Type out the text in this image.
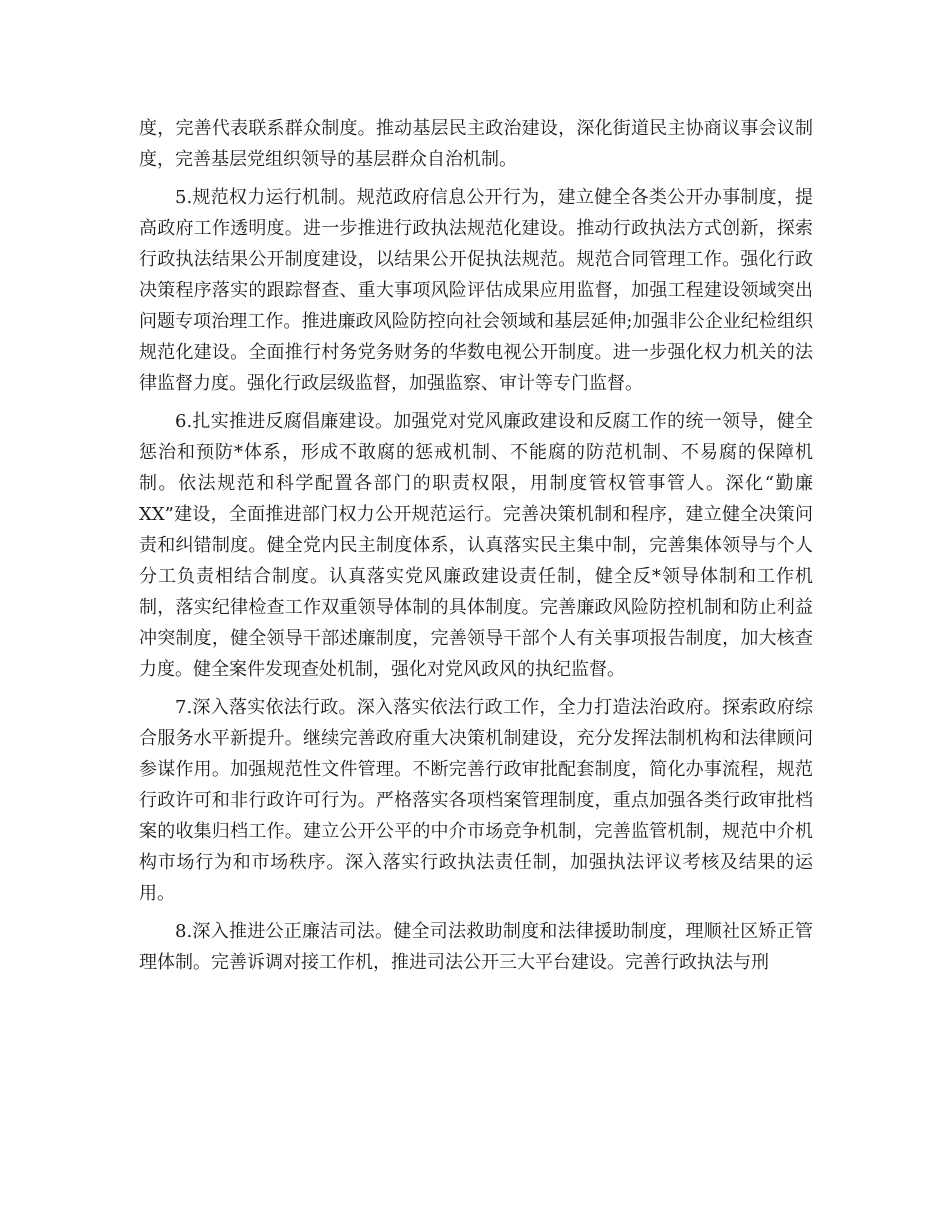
度，完善代表联系群众制度。推动基层民主政治建设，深化街道民主协商议事会议制度，完善基层党组织领导的基层群众自治机制。

5.规范权力运行机制。规范政府信息公开行为，建立健全各类公开办事制度，提高政府工作透明度。进一步推进行政执法规范化建设。推动行政执法方式创新，探索行政执法结果公开制度建设，以结果公开促执法规范。规范合同管理工作。强化行政决策程序落实的跟踪督查、重大事项风险评估成果应用监督，加强工程建设领域突出问题专项治理工作。推进廉政风险防控向社会领域和基层延伸;加强非公企业纪检组织规范化建设。全面推行村务党务财务的华数电视公开制度。进一步强化权力机关的法律监督力度。强化行政层级监督，加强监察、审计等专门监督。

6.扎实推进反腐倡廉建设。加强党对党风廉政建设和反腐工作的统一领导，健全惩治和预防*体系，形成不敢腐的惩戒机制、不能腐的防范机制、不易腐的保障机制。依法规范和科学配置各部门的职责权限，用制度管权管事管人。深化“勤廉XX”建设，全面推进部门权力公开规范运行。完善决策机制和程序，建立健全决策问责和纠错制度。健全党内民主制度体系，认真落实民主集中制，完善集体领导与个人分工负责相结合制度。认真落实党风廉政建设责任制，健全反*领导体制和工作机制，落实纪律检查工作双重领导体制的具体制度。完善廉政风险防控机制和防止利益冲突制度，健全领导干部述廉制度，完善领导干部个人有关事项报告制度，加大核查力度。健全案件发现查处机制，强化对党风政风的执纪监督。

7.深入落实依法行政。深入落实依法行政工作，全力打造法治政府。探索政府综合服务水平新提升。继续完善政府重大决策机制建设，充分发挥法制机构和法律顾问参谋作用。加强规范性文件管理。不断完善行政审批配套制度，简化办事流程，规范行政许可和非行政许可行为。严格落实各项档案管理制度，重点加强各类行政审批档案的收集归档工作。建立公开公平的中介市场竞争机制，完善监管机制，规范中介机构市场行为和市场秩序。深入落实行政执法责任制，加强执法评议考核及结果的运用。

8.深入推进公正廉洁司法。健全司法救助制度和法律援助制度，理顺社区矫正管理体制。完善诉调对接工作机，推进司法公开三大平台建设。完善行政执法与刑
